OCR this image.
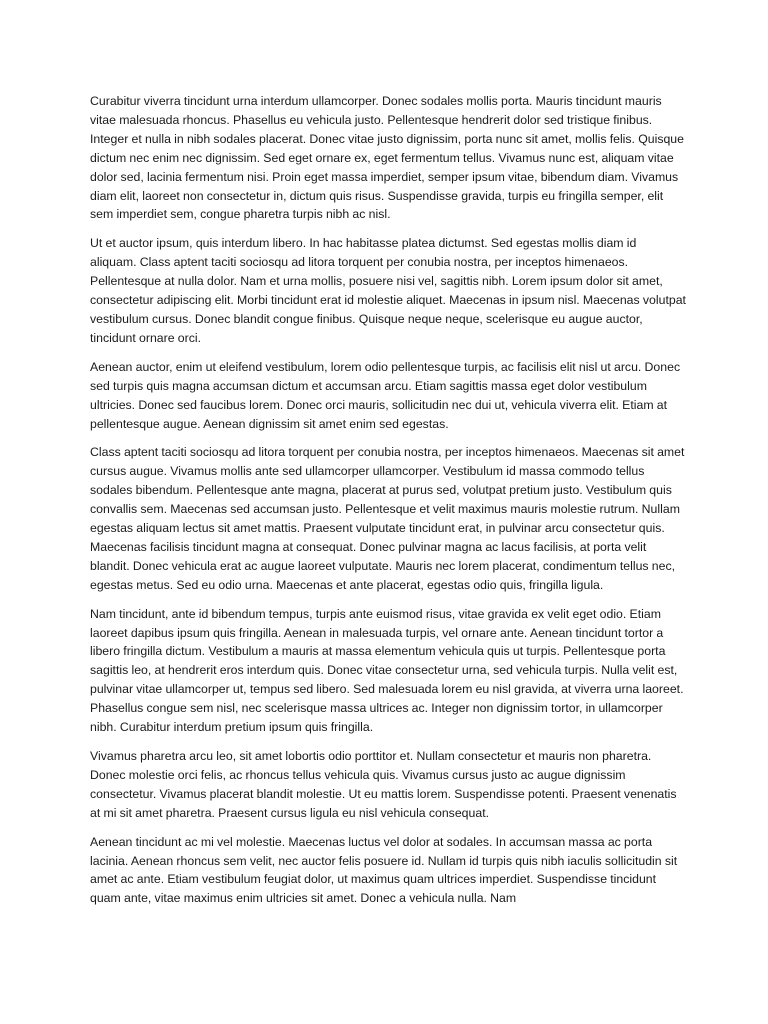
Curabitur viverra tincidunt urna interdum ullamcorper. Donec sodales mollis porta. Mauris tincidunt mauris vitae malesuada rhoncus. Phasellus eu vehicula justo. Pellentesque hendrerit dolor sed tristique finibus. Integer et nulla in nibh sodales placerat. Donec vitae justo dignissim, porta nunc sit amet, mollis felis. Quisque dictum nec enim nec dignissim. Sed eget ornare ex, eget fermentum tellus. Vivamus nunc est, aliquam vitae dolor sed, lacinia fermentum nisi. Proin eget massa imperdiet, semper ipsum vitae, bibendum diam. Vivamus diam elit, laoreet non consectetur in, dictum quis risus. Suspendisse gravida, turpis eu fringilla semper, elit sem imperdiet sem, congue pharetra turpis nibh ac nisl.

Ut et auctor ipsum, quis interdum libero. In hac habitasse platea dictumst. Sed egestas mollis diam id aliquam. Class aptent taciti sociosqu ad litora torquent per conubia nostra, per inceptos himenaeos. Pellentesque at nulla dolor. Nam et urna mollis, posuere nisi vel, sagittis nibh. Lorem ipsum dolor sit amet, consectetur adipiscing elit. Morbi tincidunt erat id molestie aliquet. Maecenas in ipsum nisl. Maecenas volutpat vestibulum cursus. Donec blandit congue finibus. Quisque neque neque, scelerisque eu augue auctor, tincidunt ornare orci.

Aenean auctor, enim ut eleifend vestibulum, lorem odio pellentesque turpis, ac facilisis elit nisl ut arcu. Donec sed turpis quis magna accumsan dictum et accumsan arcu. Etiam sagittis massa eget dolor vestibulum ultricies. Donec sed faucibus lorem. Donec orci mauris, sollicitudin nec dui ut, vehicula viverra elit. Etiam at pellentesque augue. Aenean dignissim sit amet enim sed egestas.

Class aptent taciti sociosqu ad litora torquent per conubia nostra, per inceptos himenaeos. Maecenas sit amet cursus augue. Vivamus mollis ante sed ullamcorper ullamcorper. Vestibulum id massa commodo tellus sodales bibendum. Pellentesque ante magna, placerat at purus sed, volutpat pretium justo. Vestibulum quis convallis sem. Maecenas sed accumsan justo. Pellentesque et velit maximus mauris molestie rutrum. Nullam egestas aliquam lectus sit amet mattis. Praesent vulputate tincidunt erat, in pulvinar arcu consectetur quis. Maecenas facilisis tincidunt magna at consequat. Donec pulvinar magna ac lacus facilisis, at porta velit blandit. Donec vehicula erat ac augue laoreet vulputate. Mauris nec lorem placerat, condimentum tellus nec, egestas metus. Sed eu odio urna. Maecenas et ante placerat, egestas odio quis, fringilla ligula.

Nam tincidunt, ante id bibendum tempus, turpis ante euismod risus, vitae gravida ex velit eget odio. Etiam laoreet dapibus ipsum quis fringilla. Aenean in malesuada turpis, vel ornare ante. Aenean tincidunt tortor a libero fringilla dictum. Vestibulum a mauris at massa elementum vehicula quis ut turpis. Pellentesque porta sagittis leo, at hendrerit eros interdum quis. Donec vitae consectetur urna, sed vehicula turpis. Nulla velit est, pulvinar vitae ullamcorper ut, tempus sed libero. Sed malesuada lorem eu nisl gravida, at viverra urna laoreet. Phasellus congue sem nisl, nec scelerisque massa ultrices ac. Integer non dignissim tortor, in ullamcorper nibh. Curabitur interdum pretium ipsum quis fringilla.

Vivamus pharetra arcu leo, sit amet lobortis odio porttitor et. Nullam consectetur et mauris non pharetra. Donec molestie orci felis, ac rhoncus tellus vehicula quis. Vivamus cursus justo ac augue dignissim consectetur. Vivamus placerat blandit molestie. Ut eu mattis lorem. Suspendisse potenti. Praesent venenatis at mi sit amet pharetra. Praesent cursus ligula eu nisl vehicula consequat.

Aenean tincidunt ac mi vel molestie. Maecenas luctus vel dolor at sodales. In accumsan massa ac porta lacinia. Aenean rhoncus sem velit, nec auctor felis posuere id. Nullam id turpis quis nibh iaculis sollicitudin sit amet ac ante. Etiam vestibulum feugiat dolor, ut maximus quam ultrices imperdiet. Suspendisse tincidunt quam ante, vitae maximus enim ultricies sit amet. Donec a vehicula nulla. Nam
